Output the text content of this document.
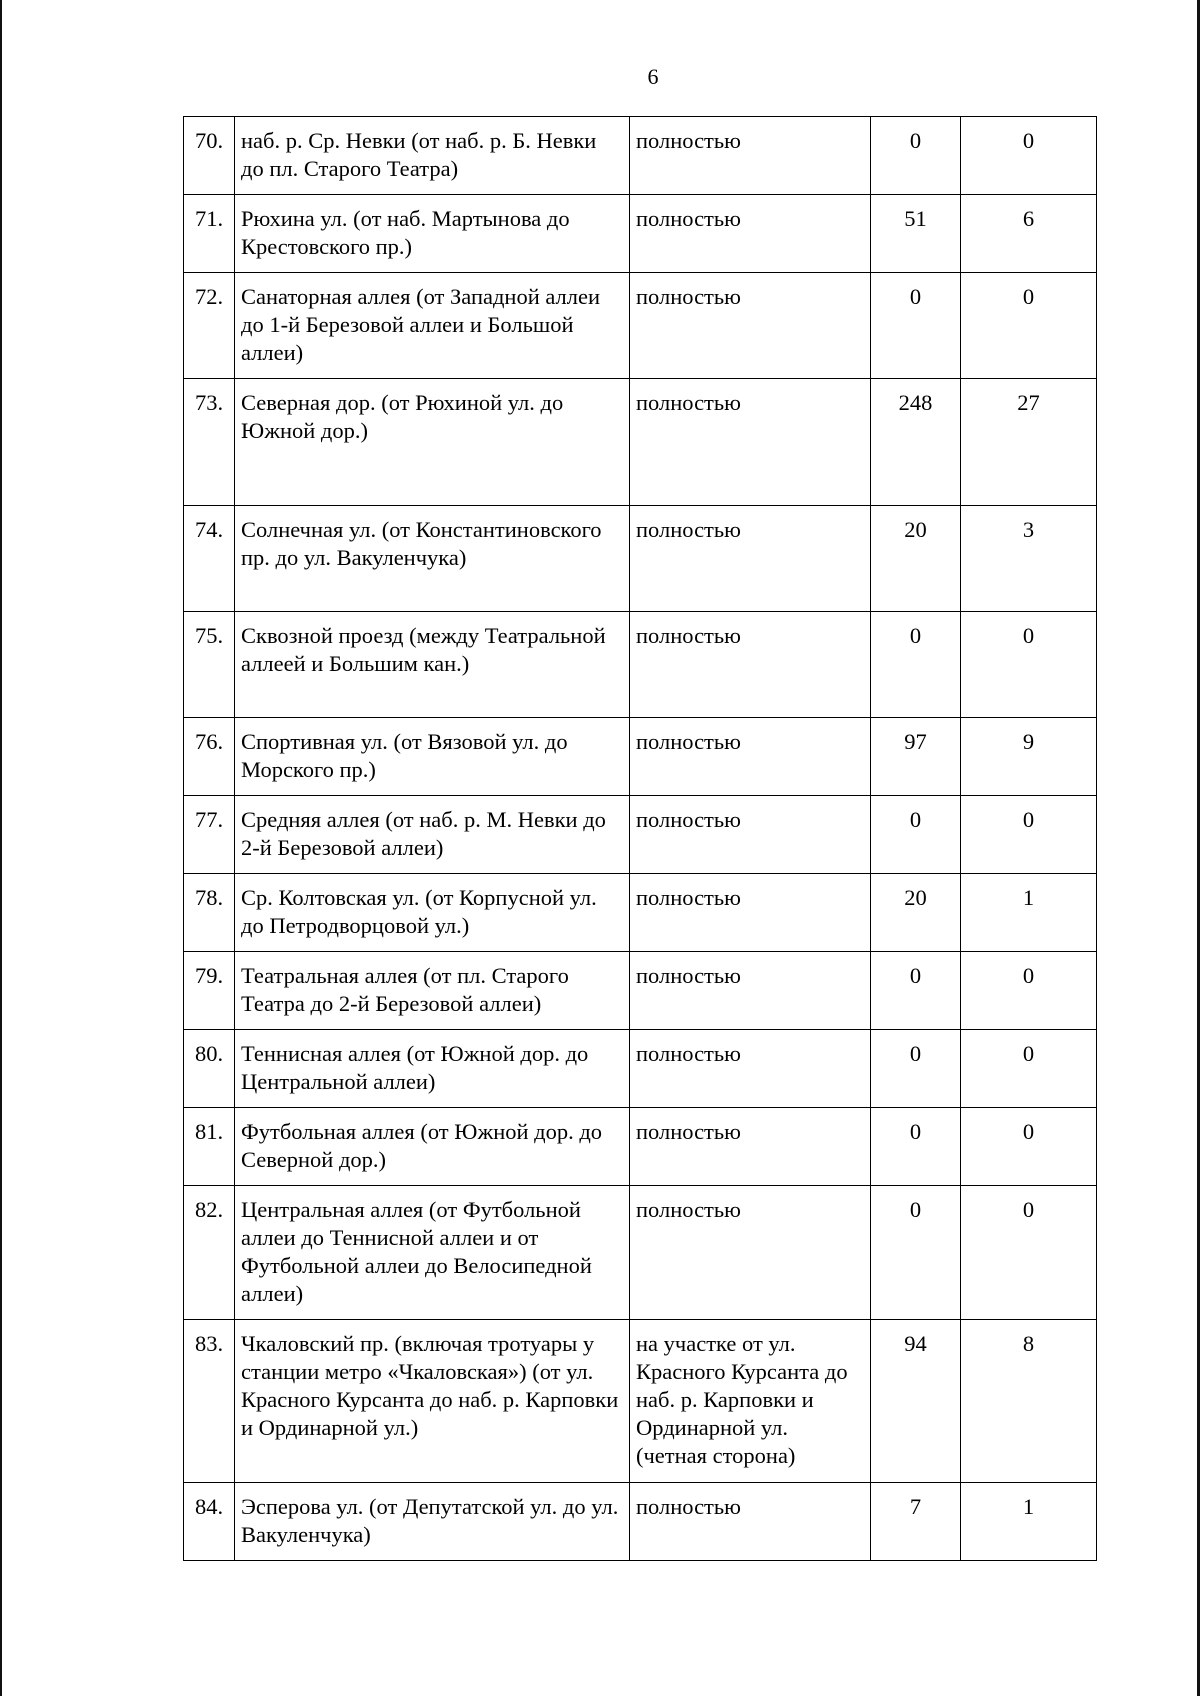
6
70.	наб. р. Ср. Невки (от наб. р. Б. Невки до пл. Старого Театра)	полностью	0	0
71.	Рюхина ул. (от наб. Мартынова до Крестовского пр.)	полностью	51	6
72.	Санаторная аллея (от Западной аллеи до 1-й Березовой аллеи и Большой аллеи)	полностью	0	0
73.	Северная дор. (от Рюхиной ул. до Южной дор.)	полностью	248	27
74.	Солнечная ул. (от Константиновского пр. до ул. Вакуленчука)	полностью	20	3
75.	Сквозной проезд (между Театральной аллеей и Большим кан.)	полностью	0	0
76.	Спортивная ул. (от Вязовой ул. до Морского пр.)	полностью	97	9
77.	Средняя аллея (от наб. р. М. Невки до 2-й Березовой аллеи)	полностью	0	0
78.	Ср. Колтовская ул. (от Корпусной ул. до Петродворцовой ул.)	полностью	20	1
79.	Театральная аллея (от пл. Старого Театра до 2-й Березовой аллеи)	полностью	0	0
80.	Теннисная аллея (от Южной дор. до Центральной аллеи)	полностью	0	0
81.	Футбольная аллея (от Южной дор. до Северной дор.)	полностью	0	0
82.	Центральная аллея (от Футбольной аллеи до Теннисной аллеи и от Футбольной аллеи до Велосипедной аллеи)	полностью	0	0
83.	Чкаловский пр. (включая тротуары у станции метро «Чкаловская») (от ул. Красного Курсанта до наб. р. Карповки и Ординарной ул.)	на участке от ул. Красного Курсанта до наб. р. Карповки и Ординарной ул. (четная сторона)	94	8
84.	Эсперова ул. (от Депутатской ул. до ул. Вакуленчука)	полностью	7	1
